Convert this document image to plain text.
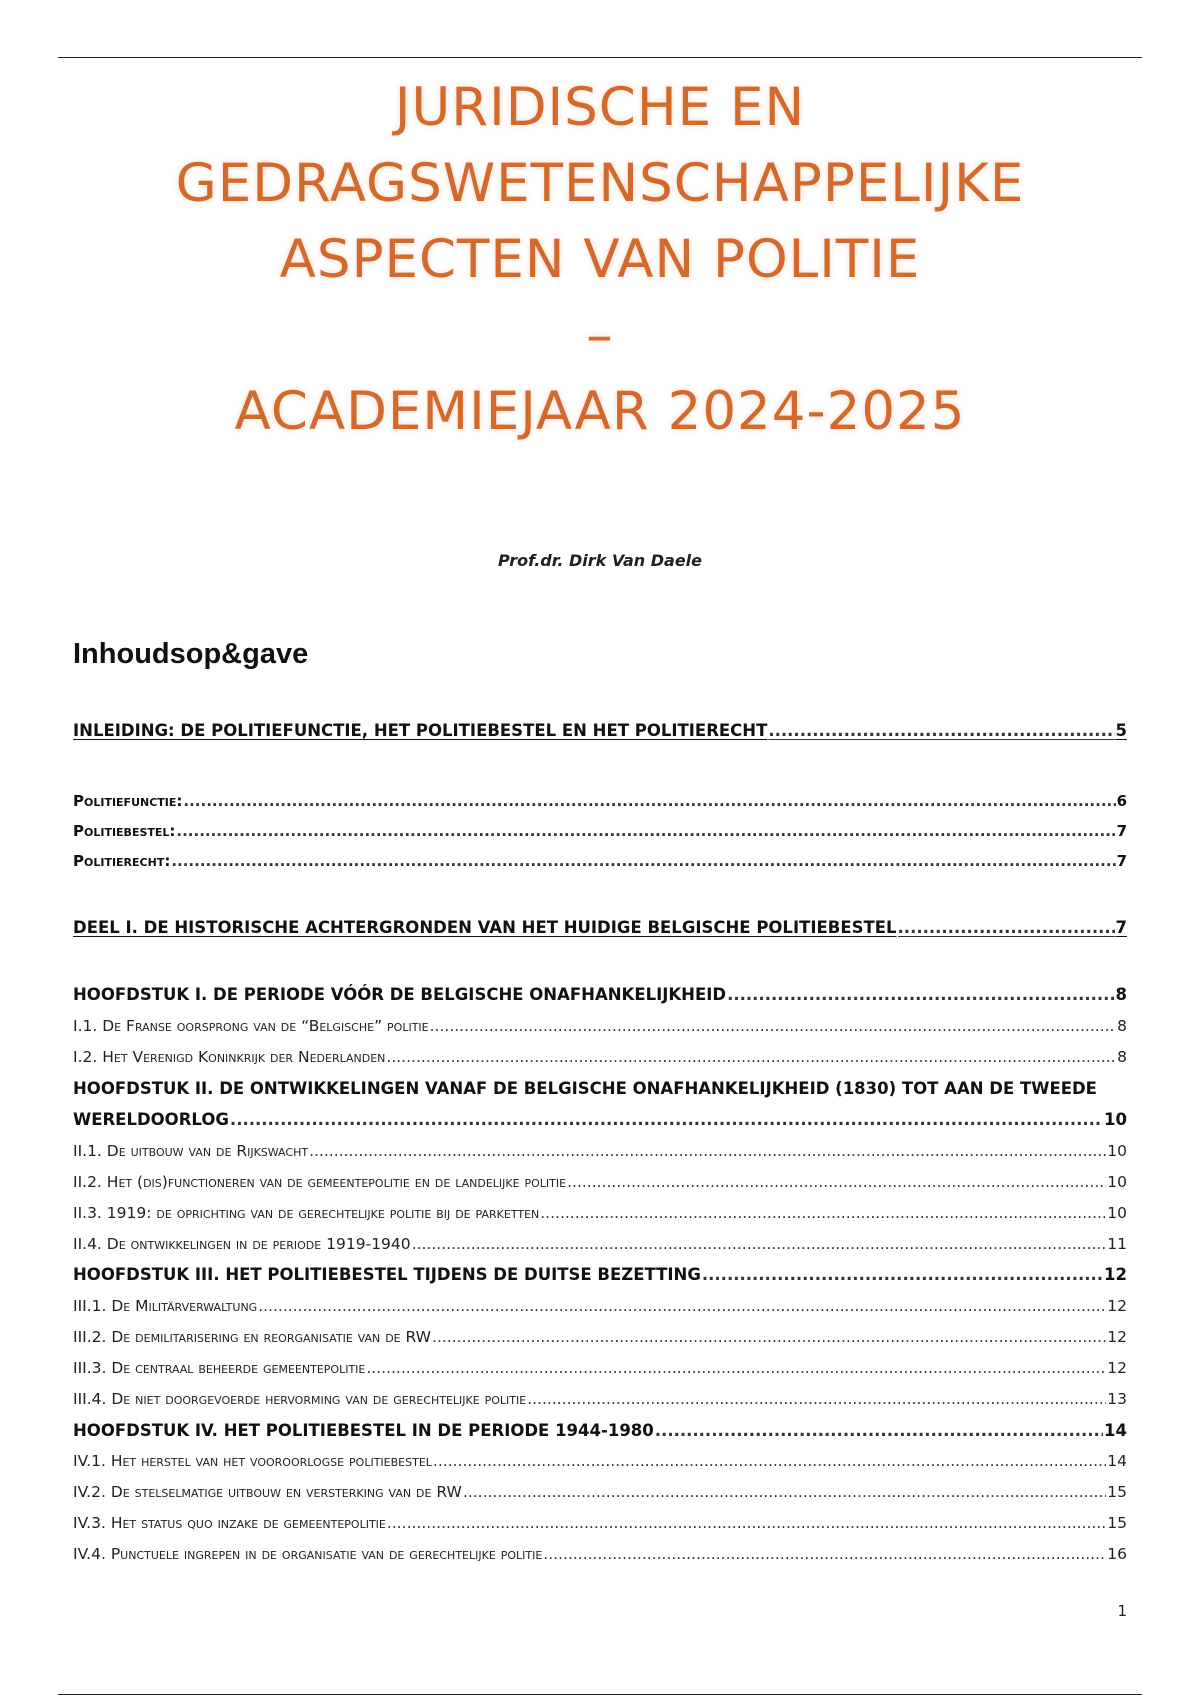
JURIDISCHE EN
GEDRAGSWETENSCHAPPELIJKE
ASPECTEN VAN POLITIE
–
ACADEMIEJAAR 2024-2025
Prof.dr. Dirk Van Daele
Inhoudsop&gave
INLEIDING: DE POLITIEFUNCTIE, HET POLITIEBESTEL EN HET POLITIERECHT .....	5
Politiefunctie: .....	6
Politiebestel: .....	7
Politierecht: .....	7
DEEL I. DE HISTORISCHE ACHTERGRONDEN VAN HET HUIDIGE BELGISCHE POLITIEBESTEL .....	7
HOOFDSTUK I. DE PERIODE VÓÓR DE BELGISCHE ONAFHANKELIJKHEID .....	8
I.1. De Franse oorsprong van de “Belgische” politie .....	8
I.2. Het Verenigd Koninkrijk der Nederlanden .....	8
HOOFDSTUK II. DE ONTWIKKELINGEN VANAF DE BELGISCHE ONAFHANKELIJKHEID (1830) TOT AAN DE TWEEDE
WERELDOORLOG .....	10
II.1. De uitbouw van de Rijkswacht .....	10
II.2. Het (dis)functioneren van de gemeentepolitie en de landelijke politie .....	10
II.3. 1919: de oprichting van de gerechtelijke politie bij de parketten .....	10
II.4. De ontwikkelingen in de periode 1919-1940 .....	11
HOOFDSTUK III. HET POLITIEBESTEL TIJDENS DE DUITSE BEZETTING .....	12
III.1. De Militärverwaltung .....	12
III.2. De demilitarisering en reorganisatie van de RW .....	12
III.3. De centraal beheerde gemeentepolitie .....	12
III.4. De niet doorgevoerde hervorming van de gerechtelijke politie .....	13
HOOFDSTUK IV. HET POLITIEBESTEL IN DE PERIODE 1944-1980 .....	14
IV.1. Het herstel van het vooroorlogse politiebestel .....	14
IV.2. De stelselmatige uitbouw en versterking van de RW .....	15
IV.3. Het status quo inzake de gemeentepolitie .....	15
IV.4. Punctuele ingrepen in de organisatie van de gerechtelijke politie .....	16
1
